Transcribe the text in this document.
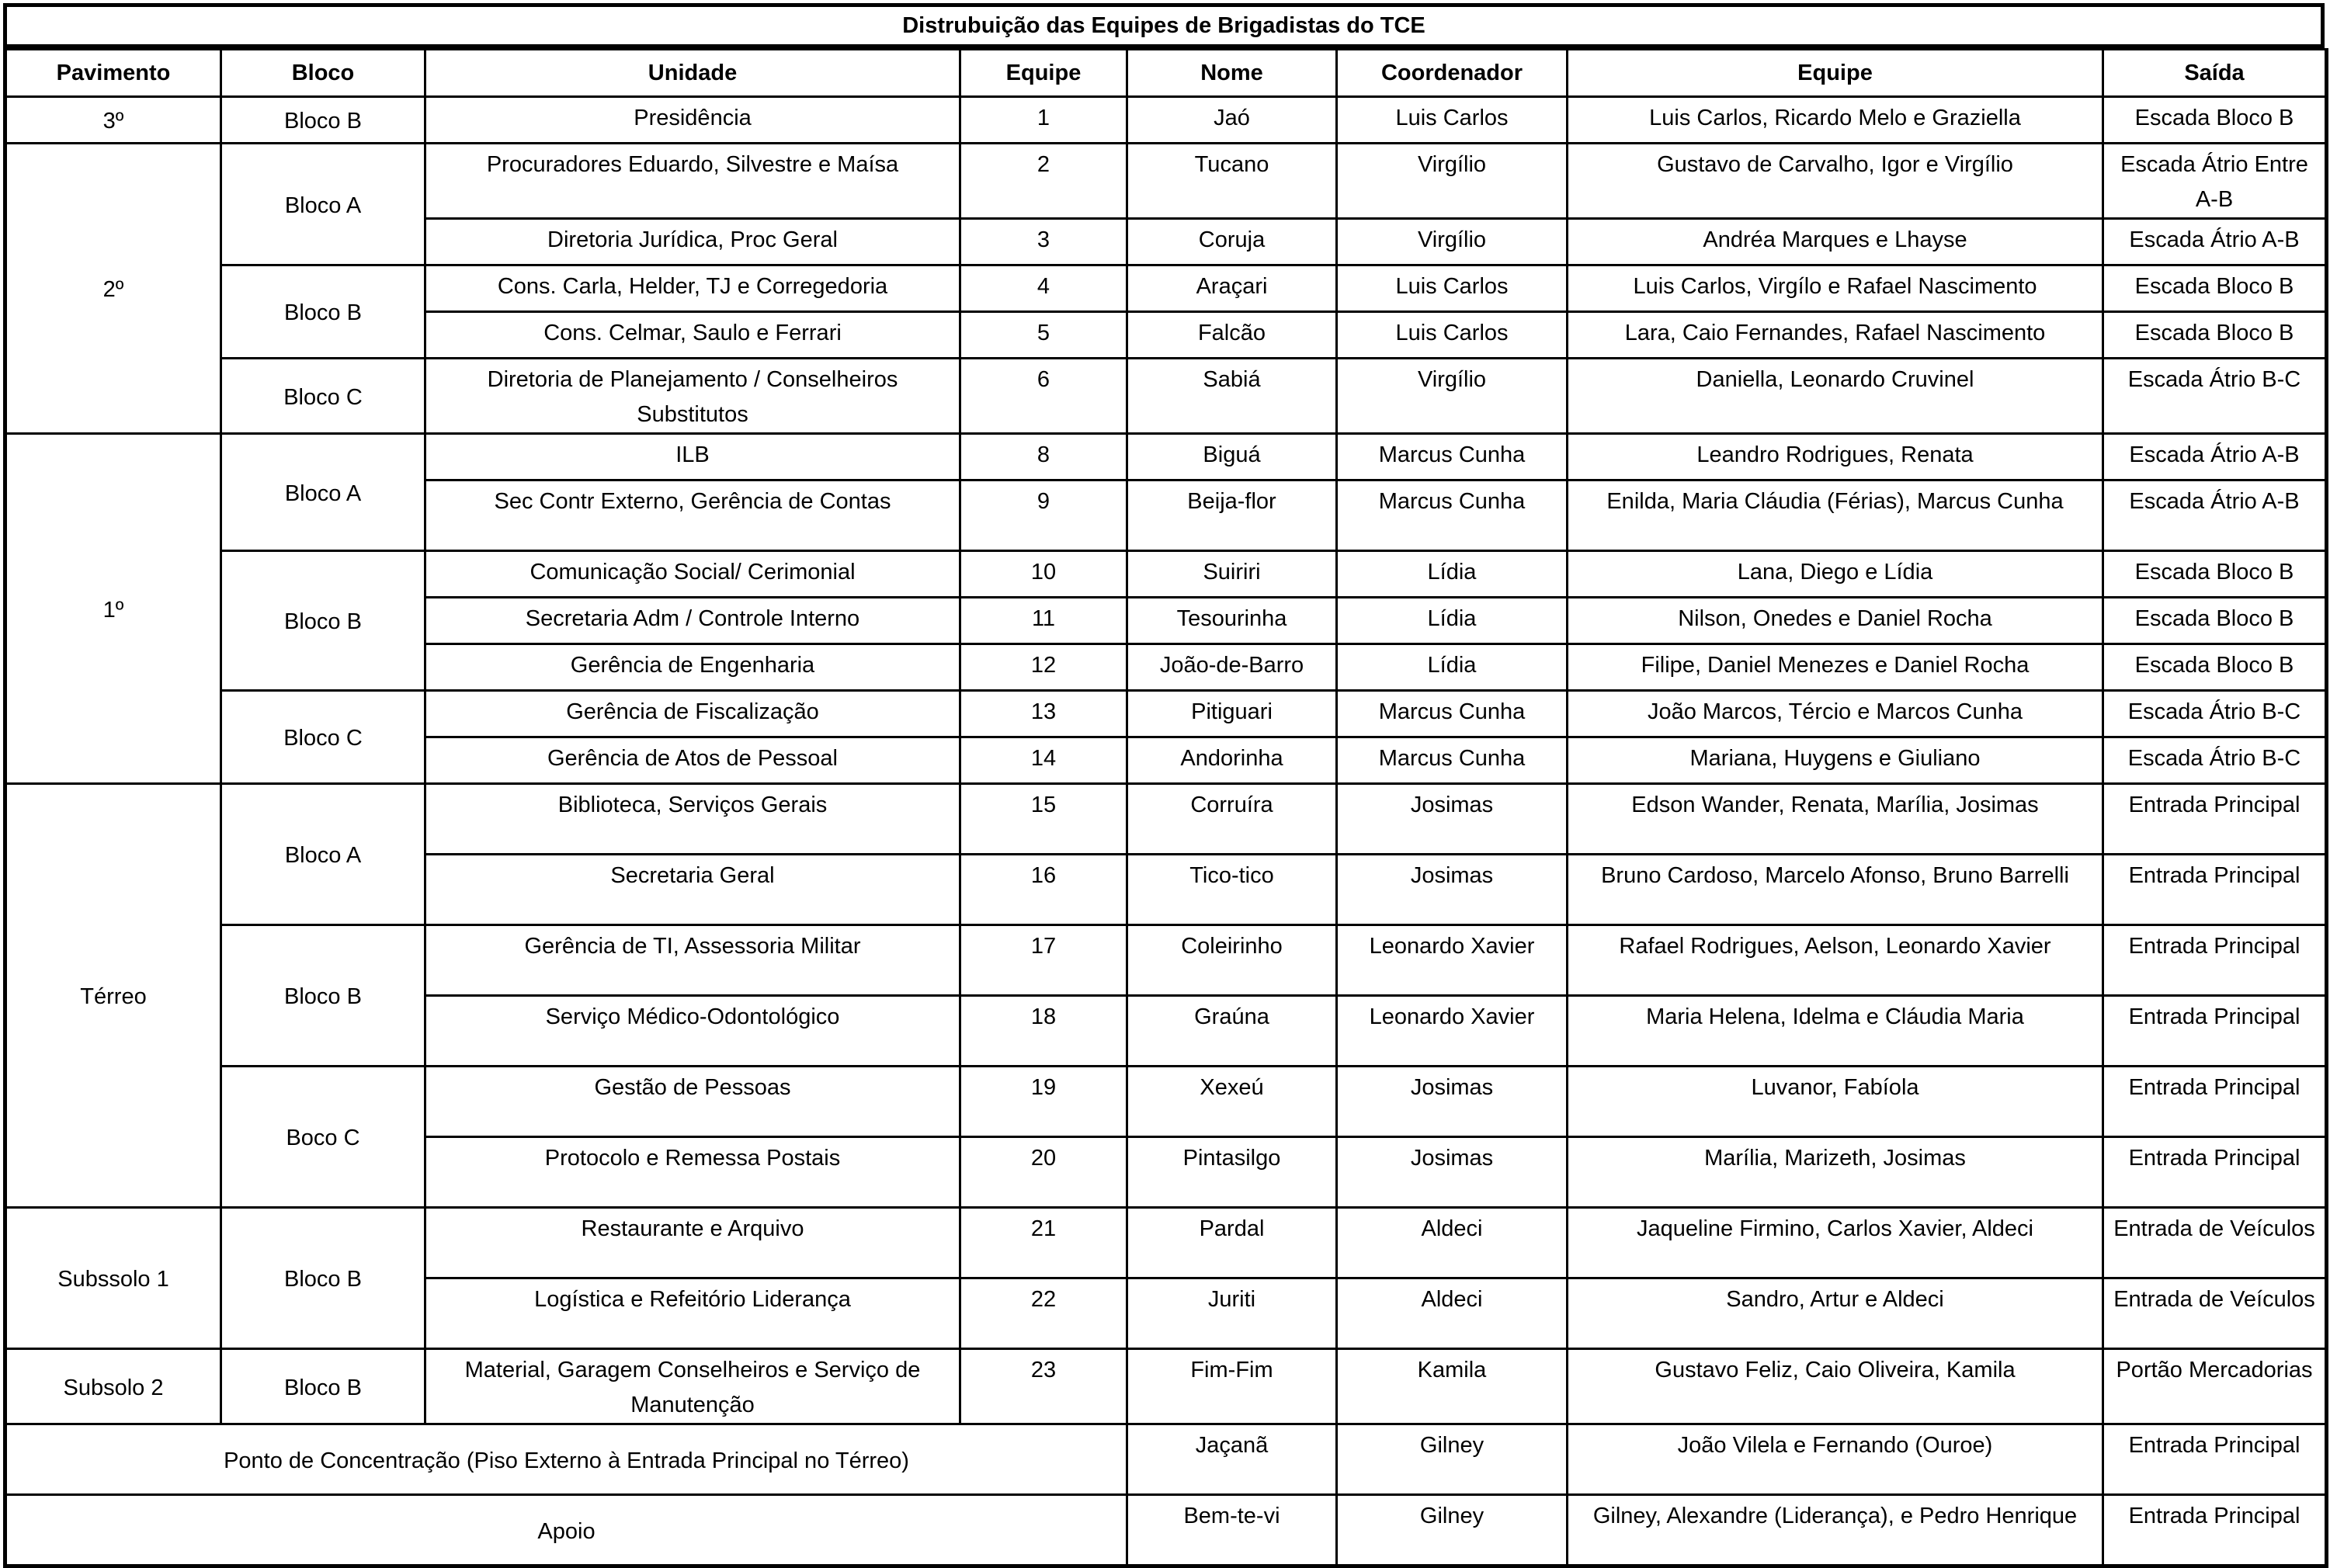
Distrubuição das Equipes de Brigadistas do TCE
Pavimento	Bloco	Unidade	Equipe	Nome	Coordenador	Equipe	Saída
3º	Bloco B	Presidência	1	Jaó	Luis Carlos	Luis Carlos, Ricardo Melo e Graziella	Escada Bloco B
2º	Bloco A	Procuradores Eduardo, Silvestre e Maísa	2	Tucano	Virgílio	Gustavo de Carvalho, Igor e Virgílio	Escada Átrio Entre A-B
		Diretoria Jurídica, Proc Geral	3	Coruja	Virgílio	Andréa Marques e Lhayse	Escada Átrio A-B
	Bloco B	Cons. Carla, Helder, TJ e Corregedoria	4	Araçari	Luis Carlos	Luis Carlos, Virgílo e Rafael Nascimento	Escada Bloco B
		Cons. Celmar, Saulo e Ferrari	5	Falcão	Luis Carlos	Lara, Caio Fernandes, Rafael Nascimento	Escada Bloco B
	Bloco C	Diretoria de Planejamento / Conselheiros Substitutos	6	Sabiá	Virgílio	Daniella, Leonardo Cruvinel	Escada Átrio B-C
1º	Bloco A	ILB	8	Biguá	Marcus Cunha	Leandro Rodrigues, Renata	Escada Átrio A-B
		Sec Contr Externo, Gerência de Contas	9	Beija-flor	Marcus Cunha	Enilda, Maria Cláudia (Férias), Marcus Cunha	Escada Átrio A-B
	Bloco B	Comunicação Social/ Cerimonial	10	Suiriri	Lídia	Lana, Diego e Lídia	Escada Bloco B
		Secretaria Adm / Controle Interno	11	Tesourinha	Lídia	Nilson, Onedes e Daniel Rocha	Escada Bloco B
		Gerência de Engenharia	12	João-de-Barro	Lídia	Filipe, Daniel Menezes e Daniel Rocha	Escada Bloco B
	Bloco C	Gerência de Fiscalização	13	Pitiguari	Marcus Cunha	João Marcos, Tércio e Marcos Cunha	Escada Átrio B-C
		Gerência de Atos de Pessoal	14	Andorinha	Marcus Cunha	Mariana, Huygens e Giuliano	Escada Átrio B-C
Térreo	Bloco A	Biblioteca, Serviços Gerais	15	Corruíra	Josimas	Edson Wander, Renata, Marília, Josimas	Entrada Principal
		Secretaria Geral	16	Tico-tico	Josimas	Bruno Cardoso, Marcelo Afonso, Bruno Barrelli	Entrada Principal
	Bloco B	Gerência de TI, Assessoria Militar	17	Coleirinho	Leonardo Xavier	Rafael Rodrigues, Aelson, Leonardo Xavier	Entrada Principal
		Serviço Médico-Odontológico	18	Graúna	Leonardo Xavier	Maria Helena, Idelma e Cláudia Maria	Entrada Principal
	Boco C	Gestão de Pessoas	19	Xexeú	Josimas	Luvanor, Fabíola	Entrada Principal
		Protocolo e Remessa Postais	20	Pintasilgo	Josimas	Marília, Marizeth, Josimas	Entrada Principal
Subssolo 1	Bloco B	Restaurante e Arquivo	21	Pardal	Aldeci	Jaqueline Firmino, Carlos Xavier, Aldeci	Entrada de Veículos
		Logística e Refeitório Liderança	22	Juriti	Aldeci	Sandro, Artur e Aldeci	Entrada de Veículos
Subsolo 2	Bloco B	Material, Garagem Conselheiros e Serviço de Manutenção	23	Fim-Fim	Kamila	Gustavo Feliz, Caio Oliveira, Kamila	Portão Mercadorias
Ponto de Concentração (Piso Externo à Entrada Principal no Térreo)				Jaçanã	Gilney	João Vilela e Fernando (Ouroe)	Entrada Principal
Apoio				Bem-te-vi	Gilney	Gilney, Alexandre (Liderança), e Pedro Henrique	Entrada Principal
